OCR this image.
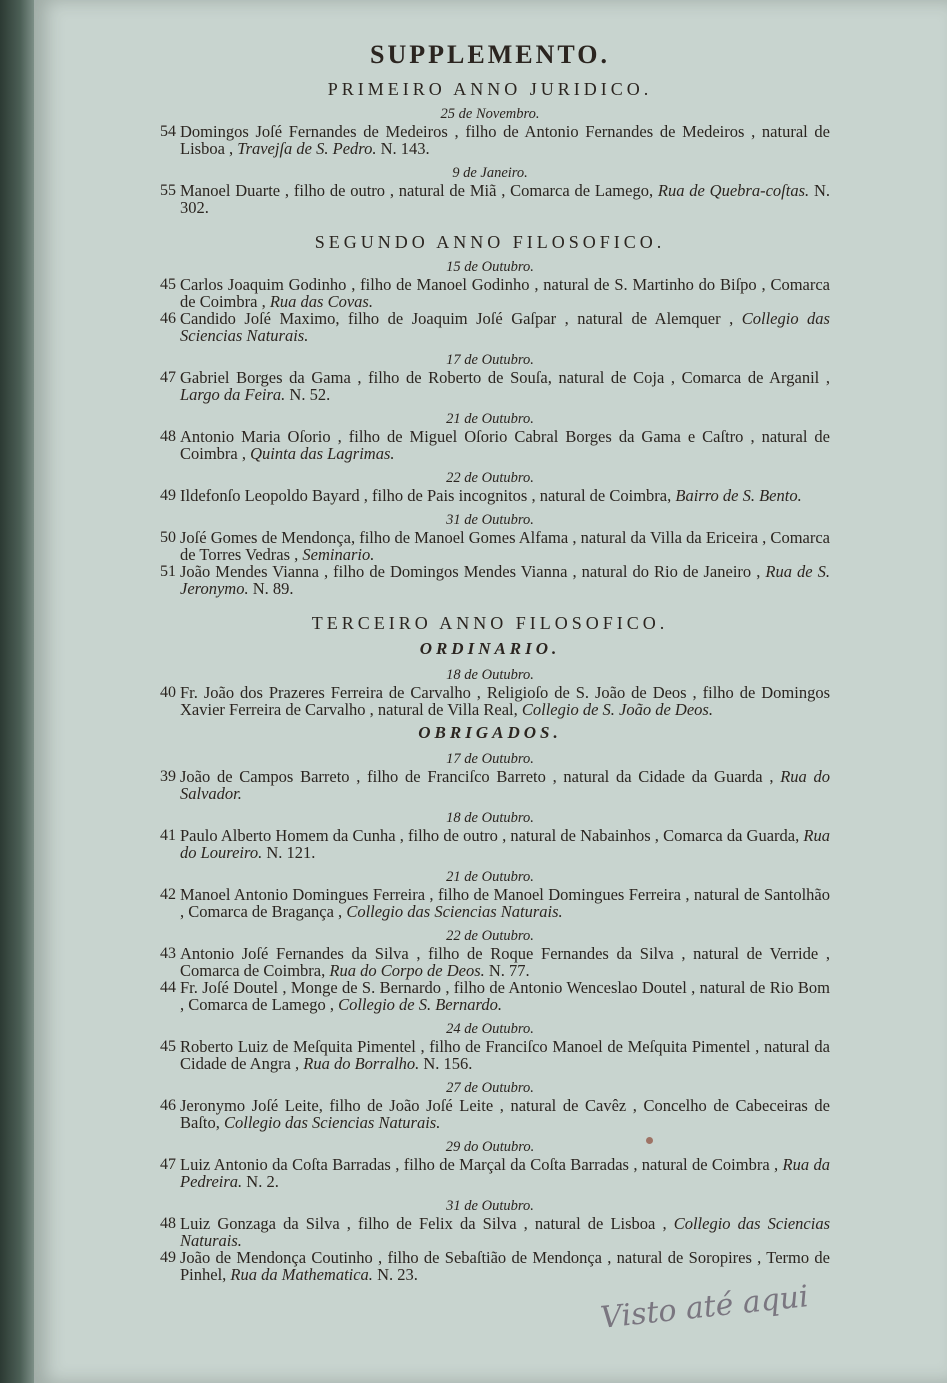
SUPPLEMENTO.
PRIMEIRO ANNO JURIDICO.
25 de Novembro.
54 Domingos Joſé Fernandes de Medeiros , filho de Antonio Fernandes de Medeiros , natural de Lisboa , Travejſa de S. Pedro. N. 143.
9 de Janeiro.
55 Manoel Duarte , filho de outro , natural de Miã , Comarca de Lamego, Rua de Quebra-coſtas. N. 302.
SEGUNDO ANNO FILOSOFICO.
15 de Outubro.
45 Carlos Joaquim Godinho , filho de Manoel Godinho , natural de S. Martinho do Biſpo , Comarca de Coimbra , Rua das Covas.
46 Candido Joſé Maximo, filho de Joaquim Joſé Gaſpar , natural de Alemquer , Collegio das Sciencias Naturais.
17 de Outubro.
47 Gabriel Borges da Gama , filho de Roberto de Souſa, natural de Coja , Comarca de Arganil , Largo da Feira. N. 52.
21 de Outubro.
48 Antonio Maria Oſorio , filho de Miguel Oſorio Cabral Borges da Gama e Caſtro , natural de Coimbra , Quinta das Lagrimas.
22 de Outubro.
49 Ildefonſo Leopoldo Bayard , filho de Pais incognitos , natural de Coimbra, Bairro de S. Bento.
31 de Outubro.
50 Joſé Gomes de Mendonça, filho de Manoel Gomes Alfama , natural da Villa da Ericeira , Comarca de Torres Vedras , Seminario.
51 João Mendes Vianna , filho de Domingos Mendes Vianna , natural do Rio de Janeiro , Rua de S. Jeronymo. N. 89.
TERCEIRO ANNO FILOSOFICO.
ORDINARIO.
18 de Outubro.
40 Fr. João dos Prazeres Ferreira de Carvalho , Religioſo de S. João de Deos , filho de Domingos Xavier Ferreira de Carvalho , natural de Villa Real, Collegio de S. João de Deos.
OBRIGADOS.
17 de Outubro.
39 João de Campos Barreto , filho de Franciſco Barreto , natural da Cidade da Guarda , Rua do Salvador.
18 de Outubro.
41 Paulo Alberto Homem da Cunha , filho de outro , natural de Nabainhos , Comarca da Guarda, Rua do Loureiro. N. 121.
21 de Outubro.
42 Manoel Antonio Domingues Ferreira , filho de Manoel Domingues Ferreira , natural de Santolhão , Comarca de Bragança , Collegio das Sciencias Naturais.
22 de Outubro.
43 Antonio Joſé Fernandes da Silva , filho de Roque Fernandes da Silva , natural de Verride , Comarca de Coimbra, Rua do Corpo de Deos. N. 77.
44 Fr. Joſé Doutel , Monge de S. Bernardo , filho de Antonio Wenceslao Doutel , natural de Rio Bom , Comarca de Lamego , Collegio de S. Bernardo.
24 de Outubro.
45 Roberto Luiz de Meſquita Pimentel , filho de Franciſco Manoel de Meſquita Pimentel , natural da Cidade de Angra , Rua do Borralho. N. 156.
27 de Outubro.
46 Jeronymo Joſé Leite, filho de João Joſé Leite , natural de Cavêz , Concelho de Cabeceiras de Baſto, Collegio das Sciencias Naturais.
29 do Outubro.
47 Luiz Antonio da Coſta Barradas , filho de Marçal da Coſta Barradas , natural de Coimbra , Rua da Pedreira. N. 2.
31 de Outubro.
48 Luiz Gonzaga da Silva , filho de Felix da Silva , natural de Lisboa , Collegio das Sciencias Naturais.
49 João de Mendonça Coutinho , filho de Sebaſtião de Mendonça , natural de Soropires , Termo de Pinhel, Rua da Mathematica. N. 23.
Visto até aqui
